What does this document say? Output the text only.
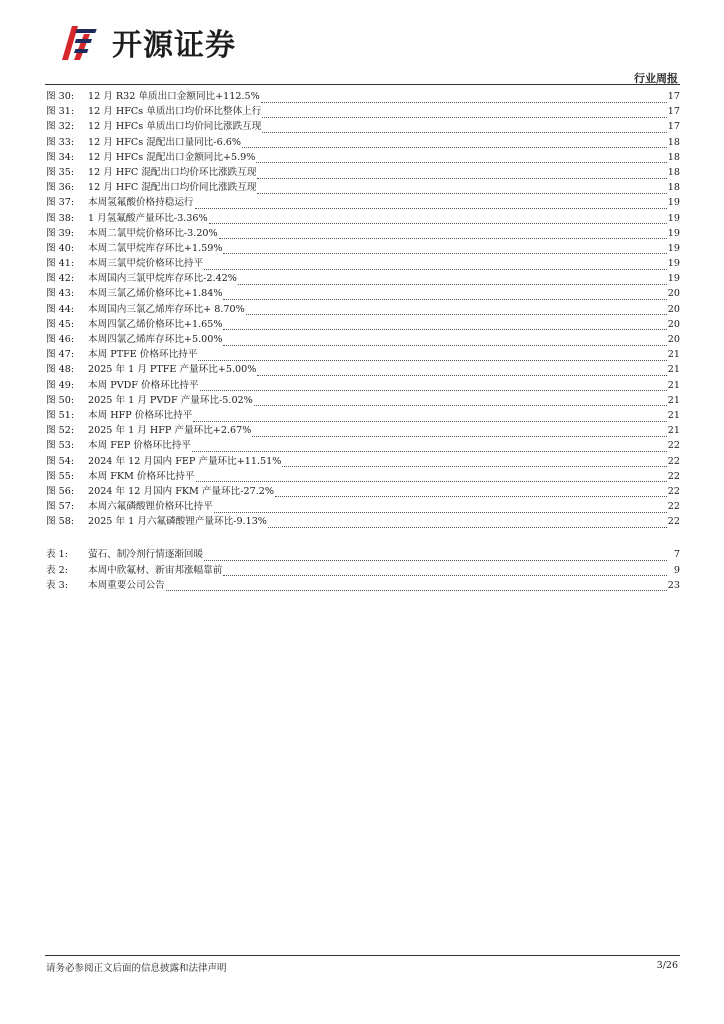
开源证券
行业周报
图 30:	12 月 R32 单质出口金额同比+112.5%	17
图 31:	12 月 HFCs 单质出口均价环比整体上行	17
图 32:	12 月 HFCs 单质出口均价同比涨跌互现	17
图 33:	12 月 HFCs 混配出口量同比-6.6%	18
图 34:	12 月 HFCs 混配出口金额同比+5.9%	18
图 35:	12 月 HFC 混配出口均价环比涨跌互现	18
图 36:	12 月 HFC 混配出口均价同比涨跌互现	18
图 37:	本周氢氟酸价格持稳运行	19
图 38:	1 月氢氟酸产量环比-3.36%	19
图 39:	本周二氯甲烷价格环比-3.20%	19
图 40:	本周二氯甲烷库存环比+1.59%	19
图 41:	本周三氯甲烷价格环比持平	19
图 42:	本周国内三氯甲烷库存环比-2.42%	19
图 43:	本周三氯乙烯价格环比+1.84%	20
图 44:	本周国内三氯乙烯库存环比+ 8.70%	20
图 45:	本周四氯乙烯价格环比+1.65%	20
图 46:	本周四氯乙烯库存环比+5.00%	20
图 47:	本周 PTFE 价格环比持平	21
图 48:	2025 年 1 月 PTFE 产量环比+5.00%	21
图 49:	本周 PVDF 价格环比持平	21
图 50:	2025 年 1 月 PVDF 产量环比-5.02%	21
图 51:	本周 HFP 价格环比持平	21
图 52:	2025 年 1 月 HFP 产量环比+2.67%	21
图 53:	本周 FEP 价格环比持平	22
图 54:	2024 年 12 月国内 FEP 产量环比+11.51%	22
图 55:	本周 FKM 价格环比持平	22
图 56:	2024 年 12 月国内 FKM 产量环比-27.2%	22
图 57:	本周六氟磷酸锂价格环比持平	22
图 58:	2025 年 1 月六氟磷酸锂产量环比-9.13%	22
表 1:	萤石、制冷剂行情逐渐回暖	7
表 2:	本周中欣氟材、新宙邦涨幅靠前	9
表 3:	本周重要公司公告	23
请务必参阅正文后面的信息披露和法律声明	3/26
